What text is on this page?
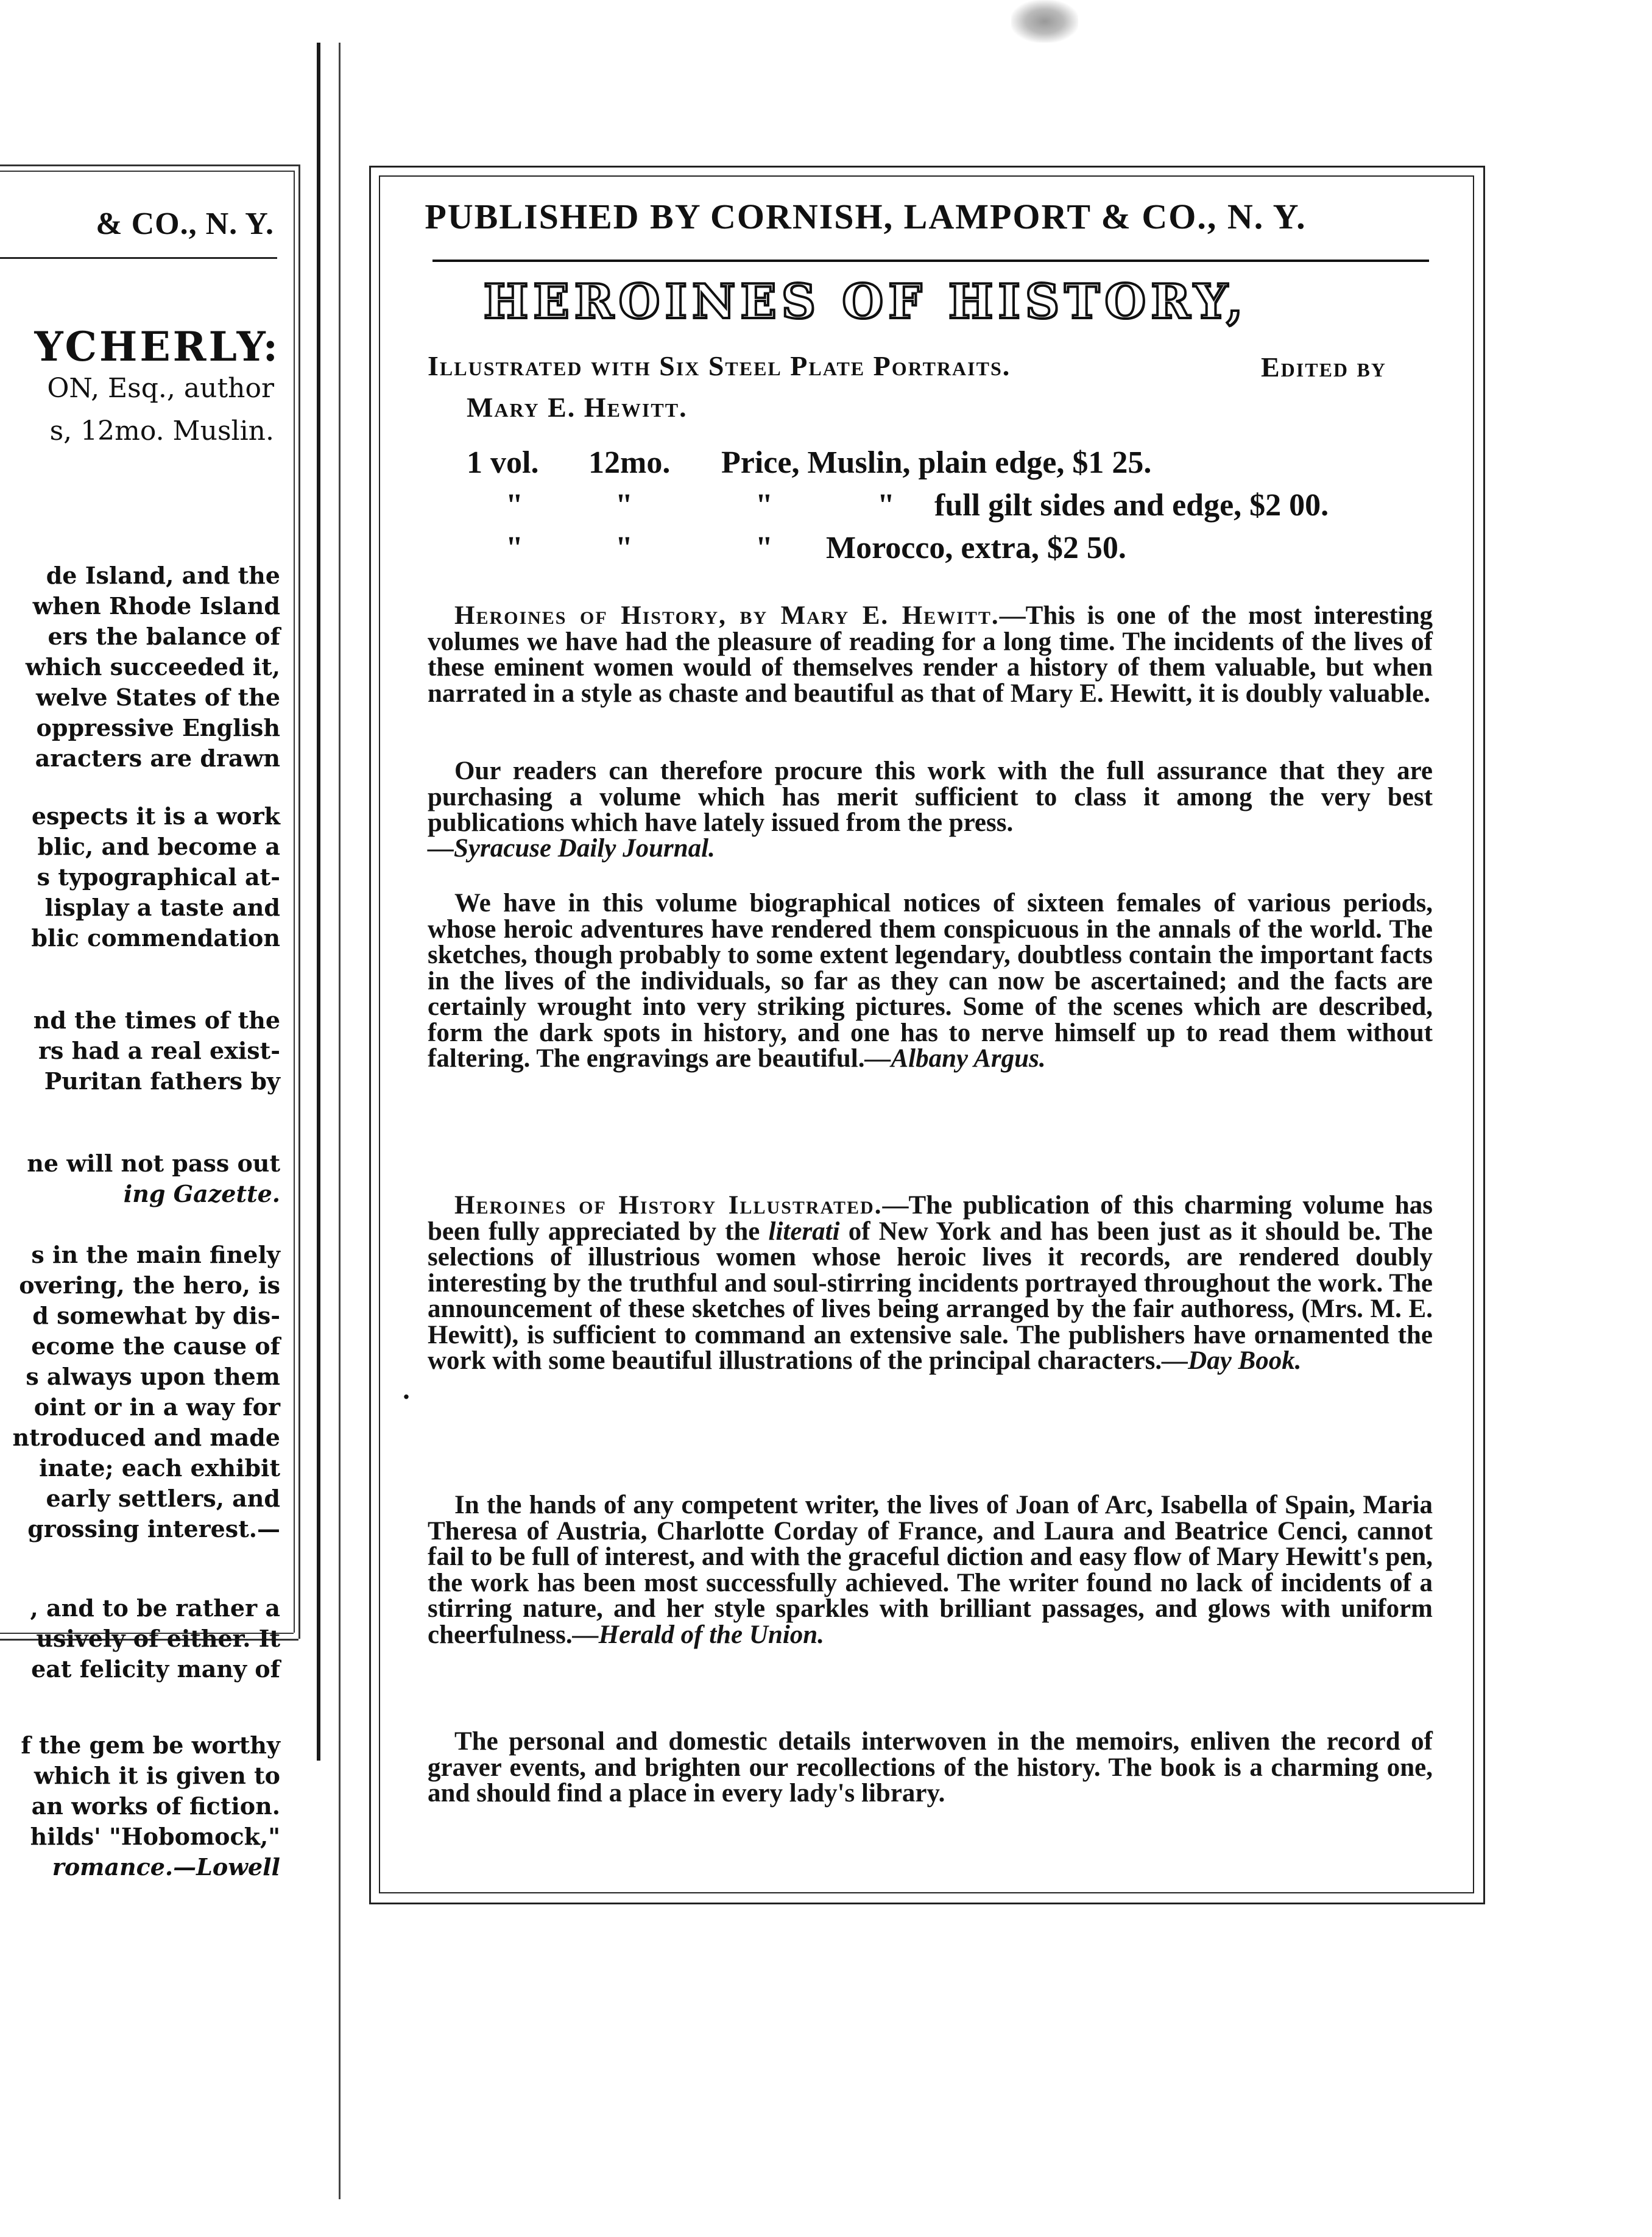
& CO., N. Y.
YCHERLY:
ON, Esq., author
s, 12mo. Muslin.
de Island, and the
when Rhode Island
ers the balance of
which succeeded it,
welve States of the
oppressive English
aracters are drawn
espects it is a work
blic, and become a
s typographical at-
lisplay a taste and
blic commendation
nd the times of the
rs had a real exist-
Puritan fathers by
ne will not pass out
ing Gazette.
s in the main finely
overing, the hero, is
d somewhat by dis-
ecome the cause of
s always upon them
oint or in a way for
ntroduced and made
inate; each exhibit
early settlers, and
grossing interest.—
, and to be rather a
usively of either. It
eat felicity many of
f the gem be worthy
which it is given to
an works of fiction.
hilds' "Hobomock,"
romance.—Lowell
PUBLISHED BY CORNISH, LAMPORT & CO., N. Y.
HEROINES OF HISTORY,
Illustrated with Six Steel Plate Portraits.	Edited by
Mary E. Hewitt.
1 vol. 12mo. Price, Muslin, plain edge, $1 25.
"	"	"	" full gilt sides and edge, $2 00.
"	"	" Morocco, extra, $2 50.
Heroines of History, by Mary E. Hewitt.—This is one of the most interesting volumes we have had the pleasure of reading for a long time. The incidents of the lives of these eminent women would of themselves render a history of them valuable, but when narrated in a style as chaste and beautiful as that of Mary E. Hewitt, it is doubly valuable.
Our readers can therefore procure this work with the full assurance that they are purchasing a volume which has merit sufficient to class it among the very best publications which have lately issued from the press.
—Syracuse Daily Journal.
We have in this volume biographical notices of sixteen females of various periods, whose heroic adventures have rendered them conspicuous in the annals of the world. The sketches, though probably to some extent legendary, doubtless contain the important facts in the lives of the individuals, so far as they can now be ascertained; and the facts are certainly wrought into very striking pictures. Some of the scenes which are described, form the dark spots in history, and one has to nerve himself up to read them without faltering. The engravings are beautiful.—Albany Argus.
Heroines of History Illustrated.—The publication of this charming volume has been fully appreciated by the literati of New York and has been just as it should be. The selections of illustrious women whose heroic lives it records, are rendered doubly interesting by the truthful and soul-stirring incidents portrayed throughout the work. The announcement of these sketches of lives being arranged by the fair authoress, (Mrs. M. E. Hewitt), is sufficient to command an extensive sale. The publishers have ornamented the work with some beautiful illustrations of the principal characters.—Day Book.
·
In the hands of any competent writer, the lives of Joan of Arc, Isabella of Spain, Maria Theresa of Austria, Charlotte Corday of France, and Laura and Beatrice Cenci, cannot fail to be full of interest, and with the graceful diction and easy flow of Mary Hewitt's pen, the work has been most successfully achieved. The writer found no lack of incidents of a stirring nature, and her style sparkles with brilliant passages, and glows with uniform cheerfulness.—Herald of the Union.
The personal and domestic details interwoven in the memoirs, enliven the record of graver events, and brighten our recollections of the history. The book is a charming one, and should find a place in every lady's library.
